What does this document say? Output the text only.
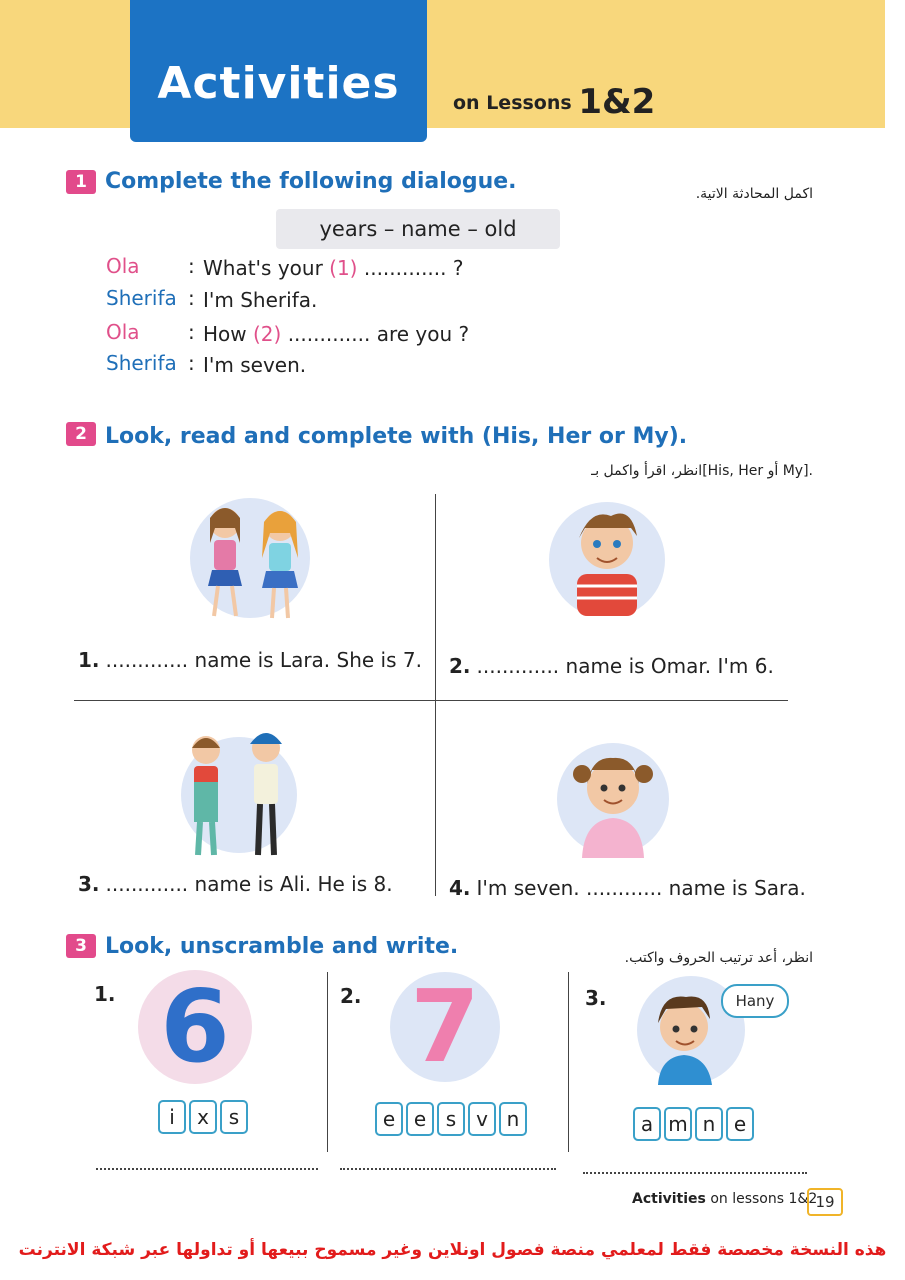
Activities	on Lessons 1&2
1 Complete the following dialogue.	اكمل المحادثة الاتية.
years – name – old
Ola : What's your (1) ............. ?
Sherifa : I'm Sherifa.
Ola : How (2) ............. are you ?
Sherifa : I'm seven.
2 Look, read and complete with (His, Her or My).
انظر، اقرأ واكمل بـ[His, Her أو My].
1. ............. name is Lara. She is 7. 2. ............. name is Omar. I'm 6.
3. ............. name is Ali. He is 8.	4. I'm seven. ............ name is Sara.
3 Look, unscramble and write.	انظر، أعد ترتيب الحروف واكتب.
1. 6
i	x s
2. 7
e e s v n
3.	Hany
a m n e
Activities on lessons 1&2
19
هذه النسخة مخصصة فقط لمعلمي منصة فصول اونلاين وغير مسموح ببيعها أو تداولها عبر شبكة الانترنت
